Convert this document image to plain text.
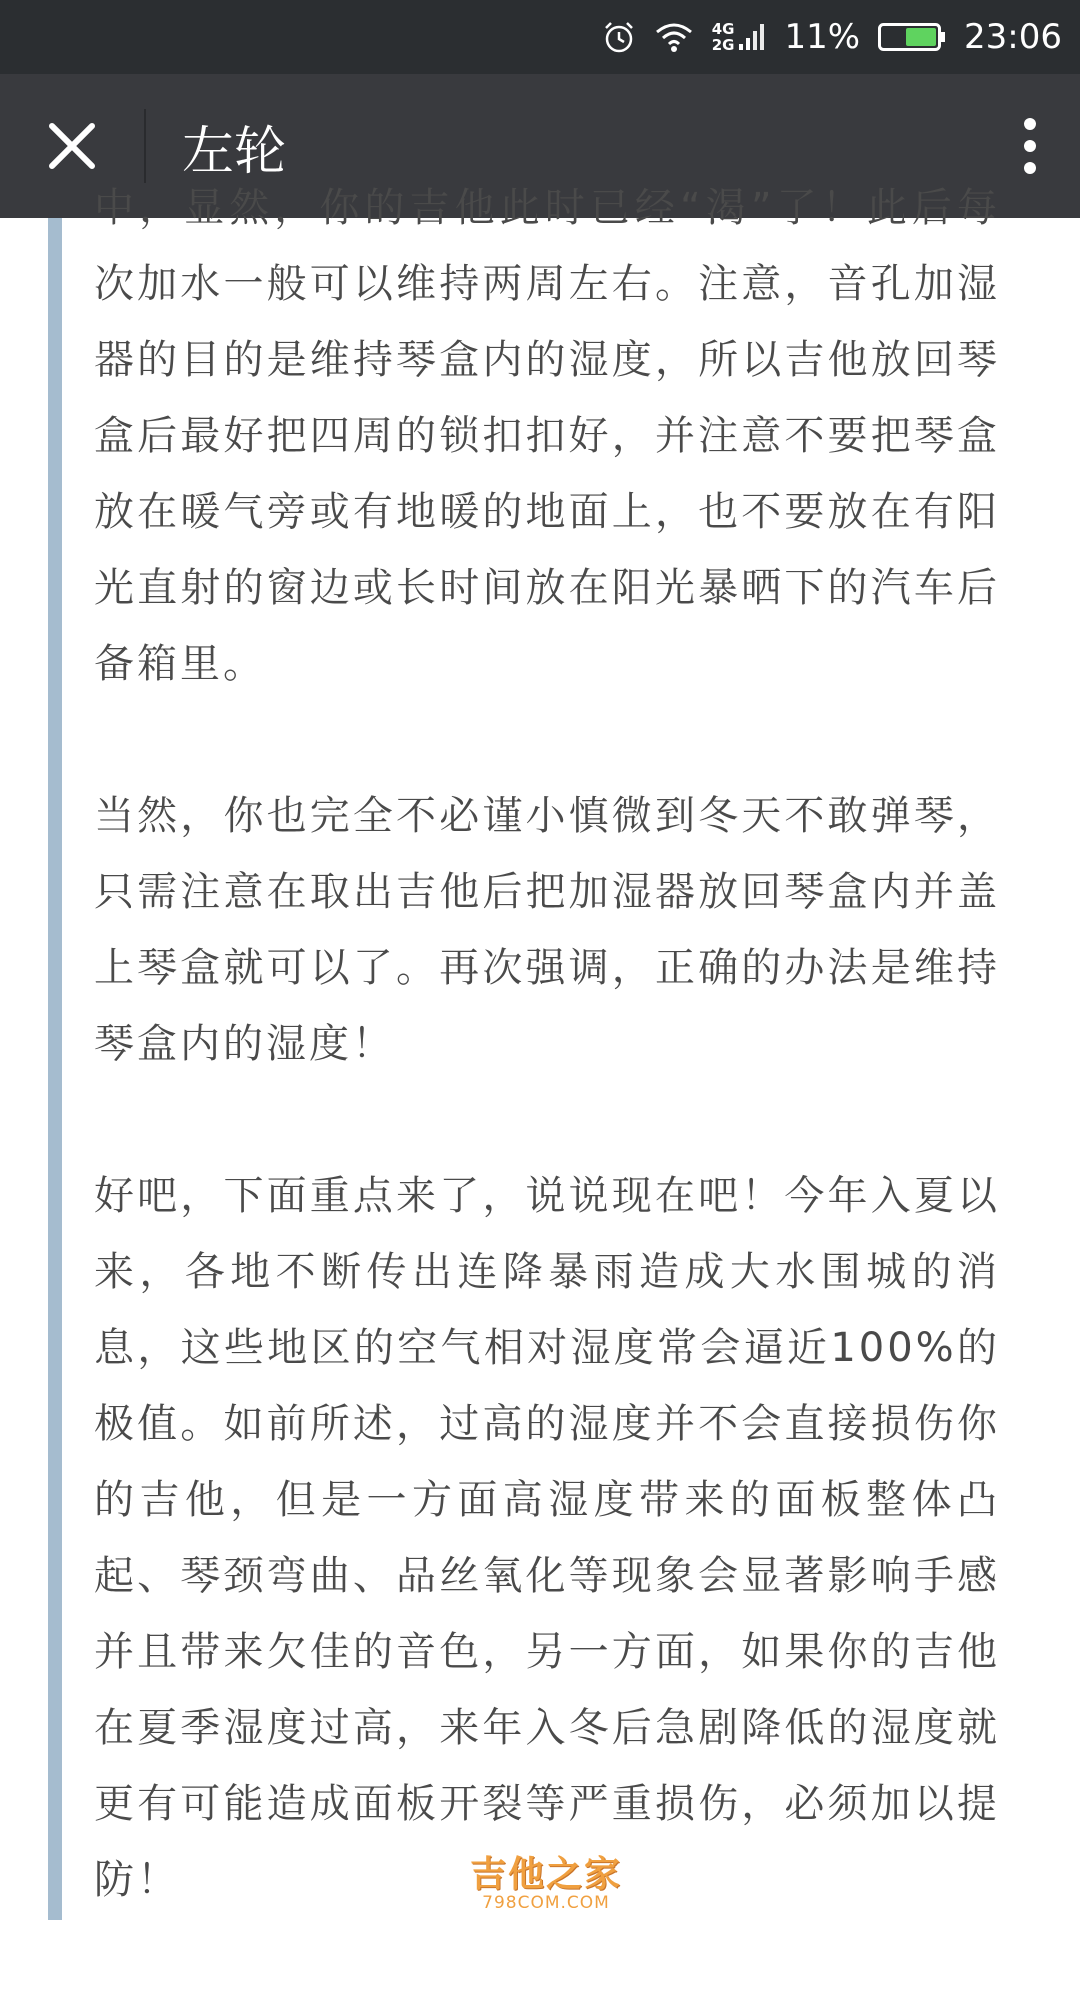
4G
2G 11%	23:06
左轮

中，显然，你的吉他此时已经“渴”了！此后每次加水一般可以维持两周左右。注意，音孔加湿器的目的是维持琴盒内的湿度，所以吉他放回琴盒后最好把四周的锁扣扣好，并注意不要把琴盒放在暖气旁或有地暖的地面上，也不要放在有阳光直射的窗边或长时间放在阳光暴晒下的汽车后备箱里。

当然，你也完全不必谨小慎微到冬天不敢弹琴，只需注意在取出吉他后把加湿器放回琴盒内并盖上琴盒就可以了。再次强调，正确的办法是维持琴盒内的湿度！

好吧，下面重点来了，说说现在吧！今年入夏以来，各地不断传出连降暴雨造成大水围城的消息，这些地区的空气相对湿度常会逼近100%的极值。如前所述，过高的湿度并不会直接损伤你的吉他，但是一方面高湿度带来的面板整体凸起、琴颈弯曲、品丝氧化等现象会显著影响手感并且带来欠佳的音色，另一方面，如果你的吉他在夏季湿度过高，来年入冬后急剧降低的湿度就更有可能造成面板开裂等严重损伤，必须加以提防！	吉他之家
798COM.COM
